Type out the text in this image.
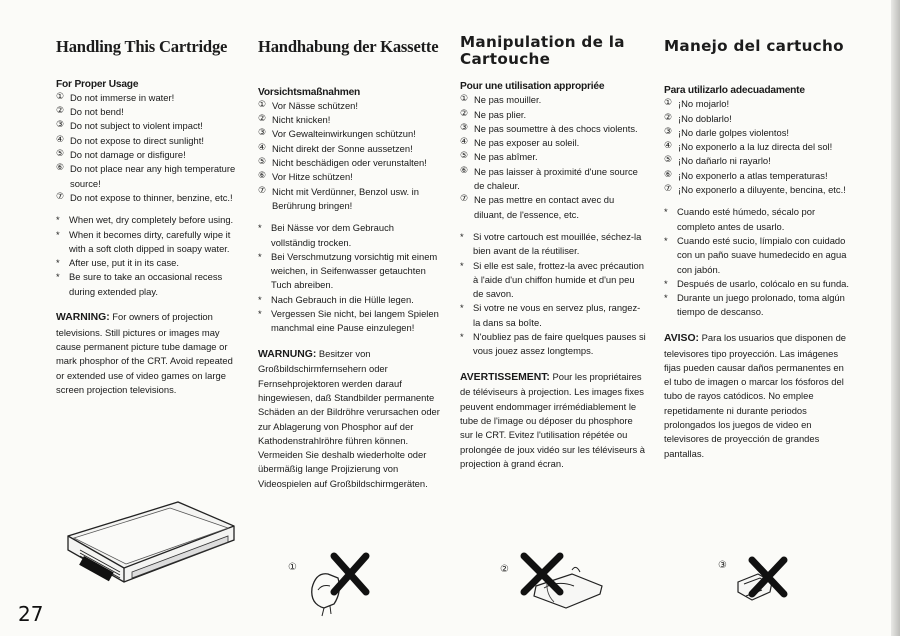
Handling This Cartridge
For Proper Usage
① Do not immerse in water!
② Do not bend!
③ Do not subject to violent impact!
④ Do not expose to direct sunlight!
⑤ Do not damage or disfigure!
⑥ Do not place near any high temperature source!
⑦ Do not expose to thinner, benzine, etc.!
* When wet, dry completely before using.
* When it becomes dirty, carefully wipe it with a soft cloth dipped in soapy water.
* After use, put it in its case.
* Be sure to take an occasional recess during extended play.

WARNING: For owners of projection televisions. Still pictures or images may cause permanent picture tube damage or mark phosphor of the CRT. Avoid repeated or extended use of video games on large screen projection televisions.

Handhabung der Kassette
Vorsichtsmaßnahmen
① Vor Nässe schützen!
② Nicht knicken!
③ Vor Gewalteinwirkungen schützun!
④ Nicht direkt der Sonne aussetzen!
⑤ Nicht beschädigen oder verunstalten!
⑥ Vor Hitze schützen!
⑦ Nicht mit Verdünner, Benzol usw. in Berührung bringen!
* Bei Nässe vor dem Gebrauch vollständig trocken.
* Bei Verschmutzung vorsichtig mit einem weichen, in Seifenwasser getauchten Tuch abreiben.
* Nach Gebrauch in die Hülle legen.
* Vergessen Sie nicht, bei langem Spielen manchmal eine Pause einzulegen!

WARNUNG: Besitzer von Großbildschirmfernsehern oder Fernsehprojektoren werden darauf hingewiesen, daß Standbilder permanente Schäden an der Bildröhre verursachen oder zur Ablagerung von Phosphor auf der Kathodenstrahlröhre führen können. Vermeiden Sie deshalb wiederholte oder übermäßig lange Projizierung von Videospielen auf Großbildschirmgeräten.

Manipulation de la Cartouche
Pour une utilisation appropriée
① Ne pas mouiller.
② Ne pas plier.
③ Ne pas soumettre à des chocs violents.
④ Ne pas exposer au soleil.
⑤ Ne pas abîmer.
⑥ Ne pas laisser à proximité d'une source de chaleur.
⑦ Ne pas mettre en contact avec du diluant, de l'essence, etc.
* Si votre cartouch est mouillée, séchez-la bien avant de la réutiliser.
* Si elle est sale, frottez-la avec précaution à l'aide d'un chiffon humide et d'un peu de savon.
* Si votre ne vous en servez plus, rangez-la dans sa boîte.
* N'oubliez pas de faire quelques pauses si vous jouez assez longtemps.

AVERTISSEMENT: Pour les propriétaires de téléviseurs à projection. Les images fixes peuvent endommager irrémédiablement le tube de l'image ou déposer du phosphore sur le CRT. Evitez l'utilisation répétée ou prolongée de joux vidéo sur les téléviseurs à projection à grand écran.

Manejo del cartucho
Para utilizarlo adecuadamente
① ¡No mojarlo!
② ¡No doblarlo!
③ ¡No darle golpes violentos!
④ ¡No exponerlo a la luz directa del sol!
⑤ ¡No dañarlo ni rayarlo!
⑥ ¡No exponerlo a atlas temperaturas!
⑦ ¡No exponerlo a diluyente, bencina, etc.!
* Cuando esté húmedo, sécalo por completo antes de usarlo.
* Cuando esté sucio, límpialo con cuidado con un paño suave humedecido en agua con jabón.
* Después de usarlo, colócalo en su funda.
* Durante un juego prolonado, toma algún tiempo de descanso.

AVISO: Para los usuarios que disponen de televisores tipo proyección. Las imágenes fijas pueden causar daños permanentes en el tubo de imagen o marcar los fósforos del tubo de rayos catódicos. No emplee repetidamente ni durante periodos prolongados los juegos de video en televisores de proyección de grandes pantallas.

①	②	③
27
